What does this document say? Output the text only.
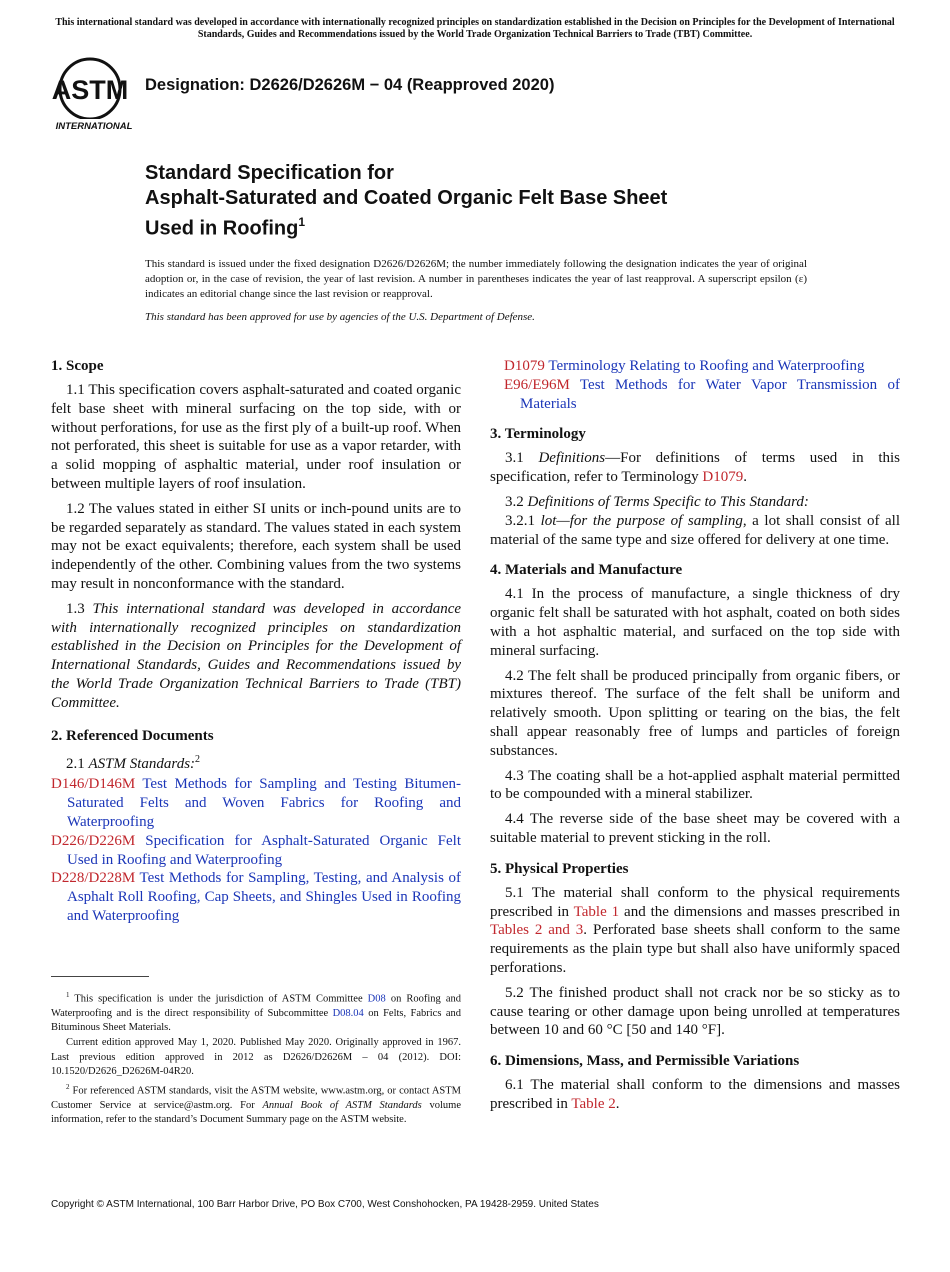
This international standard was developed in accordance with internationally recognized principles on standardization established in the Decision on Principles for the Development of International Standards, Guides and Recommendations issued by the World Trade Organization Technical Barriers to Trade (TBT) Committee.
ASTM
INTERNATIONAL
Designation: D2626/D2626M − 04 (Reapproved 2020)
Standard Specification for
Asphalt-Saturated and Coated Organic Felt Base Sheet
Used in Roofing$^1$
This standard is issued under the fixed designation D2626/D2626M; the number immediately following the designation indicates the year of original adoption or, in the case of revision, the year of last revision. A number in parentheses indicates the year of last reapproval. A superscript epsilon (ε) indicates an editorial change since the last revision or reapproval.
This standard has been approved for use by agencies of the U.S. Department of Defense.
1. Scope

1.1 This specification covers asphalt-saturated and coated organic felt base sheet with mineral surfacing on the top side, with or without perforations, for use as the first ply of a built-up roof. When not perforated, this sheet is suitable for use as a vapor retarder, with a solid mopping of asphaltic material, under roof insulation or between multiple layers of roof insulation.

1.2 The values stated in either SI units or inch-pound units are to be regarded separately as standard. The values stated in each system may not be exact equivalents; therefore, each system shall be used independently of the other. Combining values from the two systems may result in nonconformance with the standard.

1.3 This international standard was developed in accordance with internationally recognized principles on standardization established in the Decision on Principles for the Development of International Standards, Guides and Recommendations issued by the World Trade Organization Technical Barriers to Trade (TBT) Committee.

2. Referenced Documents

2.1 ASTM Standards:$^2$

D146/D146M Test Methods for Sampling and Testing Bitumen-Saturated Felts and Woven Fabrics for Roofing and Waterproofing

D226/D226M Specification for Asphalt-Saturated Organic Felt Used in Roofing and Waterproofing

D228/D228M Test Methods for Sampling, Testing, and Analysis of Asphalt Roll Roofing, Cap Sheets, and Shingles Used in Roofing and Waterproofing

$^1$ This specification is under the jurisdiction of ASTM Committee D08 on Roofing and Waterproofing and is the direct responsibility of Subcommittee D08.04 on Felts, Fabrics and Bituminous Sheet Materials.

Current edition approved May 1, 2020. Published May 2020. Originally approved in 1967. Last previous edition approved in 2012 as D2626/D2626M – 04 (2012). DOI: 10.1520/D2626_D2626M-04R20.

$^2$ For referenced ASTM standards, visit the ASTM website, www.astm.org, or contact ASTM Customer Service at service@astm.org. For Annual Book of ASTM Standards volume information, refer to the standard’s Document Summary page on the ASTM website.

D1079 Terminology Relating to Roofing and Waterproofing

E96/E96M Test Methods for Water Vapor Transmission of Materials

3. Terminology

3.1 Definitions—For definitions of terms used in this specification, refer to Terminology D1079.

3.2 Definitions of Terms Specific to This Standard:

3.2.1 lot—for the purpose of sampling, a lot shall consist of all material of the same type and size offered for delivery at one time.

4. Materials and Manufacture

4.1 In the process of manufacture, a single thickness of dry organic felt shall be saturated with hot asphalt, coated on both sides with a hot asphaltic material, and surfaced on the top side with mineral surfacing.

4.2 The felt shall be produced principally from organic fibers, or mixtures thereof. The surface of the felt shall be uniform and relatively smooth. Upon splitting or tearing on the bias, the felt shall appear reasonably free of lumps and particles of foreign substances.

4.3 The coating shall be a hot-applied asphalt material permitted to be compounded with a mineral stabilizer.

4.4 The reverse side of the base sheet may be covered with a suitable material to prevent sticking in the roll.

5. Physical Properties

5.1 The material shall conform to the physical requirements prescribed in Table 1 and the dimensions and masses prescribed in Tables 2 and 3. Perforated base sheets shall conform to the same requirements as the plain type but shall also have uniformly spaced perforations.

5.2 The finished product shall not crack nor be so sticky as to cause tearing or other damage upon being unrolled at temperatures between 10 and 60 °C [50 and 140 °F].

6. Dimensions, Mass, and Permissible Variations

6.1 The material shall conform to the dimensions and masses prescribed in Table 2.

Copyright © ASTM International, 100 Barr Harbor Drive, PO Box C700, West Conshohocken, PA 19428-2959. United States
